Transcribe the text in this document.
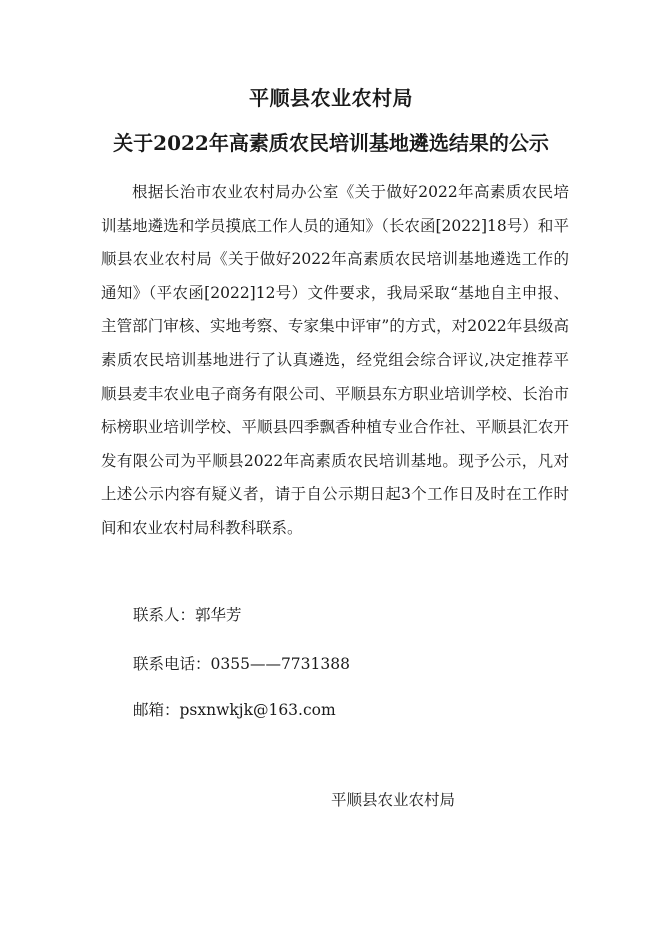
平顺县农业农村局
关于2022年高素质农民培训基地遴选结果的公示

根据长治市农业农村局办公室《关于做好2022年高素质农民培训基地遴选和学员摸底工作人员的通知》（长农函[2022]18号）和平顺县农业农村局《关于做好2022年高素质农民培训基地遴选工作的通知》（平农函[2022]12号）文件要求，我局采取“基地自主申报、主管部门审核、实地考察、专家集中评审”的方式，对2022年县级高素质农民培训基地进行了认真遴选，经党组会综合评议,决定推荐平顺县麦丰农业电子商务有限公司、平顺县东方职业培训学校、长治市标榜职业培训学校、平顺县四季飘香种植专业合作社、平顺县汇农开发有限公司为平顺县2022年高素质农民培训基地。现予公示，凡对上述公示内容有疑义者，请于自公示期日起3个工作日及时在工作时间和农业农村局科教科联系。

联系人：郭华芳

联系电话：0355——7731388

邮箱：psxnwkjk@163.com

平顺县农业农村局
